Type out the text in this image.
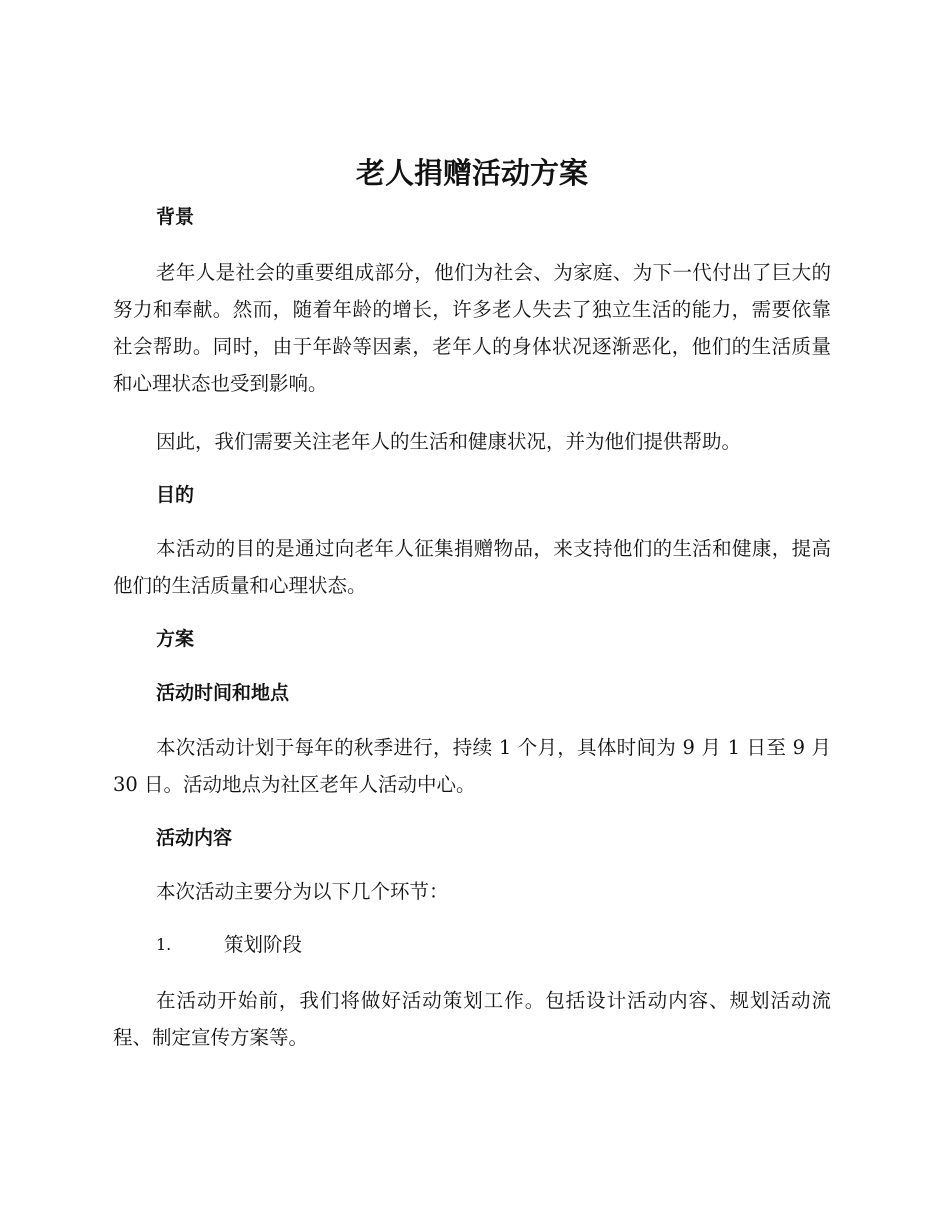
老人捐赠活动方案
背景

老年人是社会的重要组成部分，他们为社会、为家庭、为下一代付出了巨大的努力和奉献。然而，随着年龄的增长，许多老人失去了独立生活的能力，需要依靠社会帮助。同时，由于年龄等因素，老年人的身体状况逐渐恶化，他们的生活质量和心理状态也受到影响。

因此，我们需要关注老年人的生活和健康状况，并为他们提供帮助。

目的

本活动的目的是通过向老年人征集捐赠物品，来支持他们的生活和健康，提高他们的生活质量和心理状态。

方案
活动时间和地点

本次活动计划于每年的秋季进行，持续 1 个月，具体时间为 9 月 1 日至 9 月 30 日。活动地点为社区老年人活动中心。

活动内容

本次活动主要分为以下几个环节：

1.	策划阶段

在活动开始前，我们将做好活动策划工作。包括设计活动内容、规划活动流程、制定宣传方案等。
